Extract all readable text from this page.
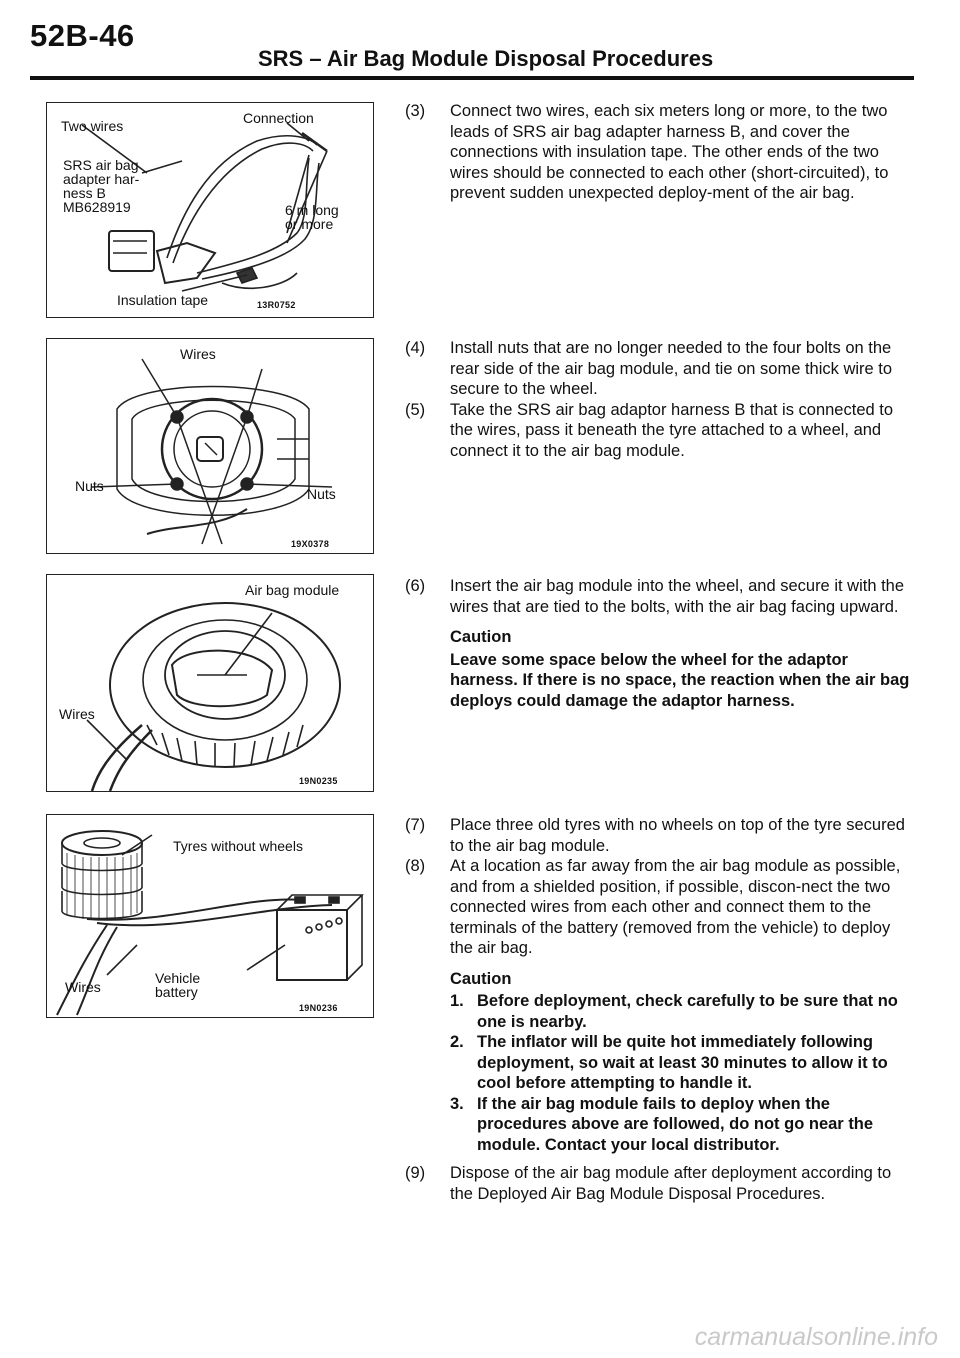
52B-46
SRS – Air Bag Module Disposal Procedures
Two wires	Connection
SRS air bag
adapter har-
ness B
MB628919	6 m long
or more
Insulation tape	13R0752
Wires
Nuts	Nuts
19X0378
Air bag module
Wires
19N0235
Tyres without wheels
Wires
Vehicle
battery
19N0236

(3) Connect two wires, each six meters long or more, to the two leads of SRS air bag adapter harness B, and cover the connections with insulation tape. The other ends of the two wires should be connected to each other (short-circuited), to prevent sudden unexpected deploy-ment of the air bag.

(4) Install nuts that are no longer needed to the four bolts on the rear side of the air bag module, and tie on some thick wire to secure to the wheel.

(5) Take the SRS air bag adaptor harness B that is connected to the wires, pass it beneath the tyre attached to a wheel, and connect it to the air bag module.

(6) Insert the air bag module into the wheel, and secure it with the wires that are tied to the bolts, with the air bag facing upward.

Caution
Leave some space below the wheel for the adaptor harness. If there is no space, the reaction when the air bag deploys could damage the adaptor harness.

(7) Place three old tyres with no wheels on top of the tyre secured to the air bag module.

(8) At a location as far away from the air bag module as possible, and from a shielded position, if possible, discon-nect the two connected wires from each other and connect them to the terminals of the battery (removed from the vehicle) to deploy the air bag.

Caution
1. Before deployment, check carefully to be sure that no one is nearby.
2. The inflator will be quite hot immediately following deployment, so wait at least 30 minutes to allow it to cool before attempting to handle it.
3. If the air bag module fails to deploy when the procedures above are followed, do not go near the module. Contact your local distributor.

(9) Dispose of the air bag module after deployment according to the Deployed Air Bag Module Disposal Procedures.

carmanualsonline.info
